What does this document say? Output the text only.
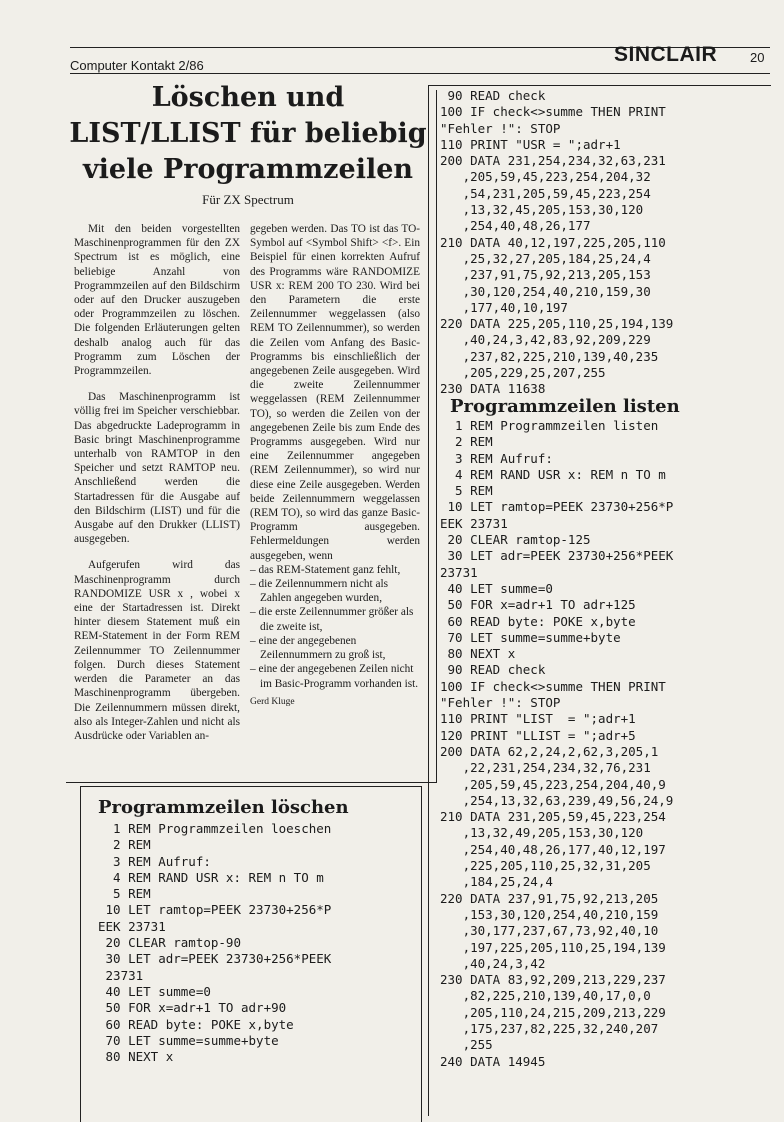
Computer Kontakt 2/86	SINCLAIR	20
Löschen und
LIST/LLIST für beliebig
viele Programmzeilen
Für ZX Spectrum

Mit den beiden vorgestellten Maschinenprogrammen für den ZX Spectrum ist es möglich, eine beliebige Anzahl von Programmzeilen auf den Bildschirm oder auf den Drucker auszugeben oder Programmzeilen zu löschen. Die folgenden Erläuterungen gelten deshalb analog auch für das Programm zum Löschen der Programmzeilen.

Das Maschinenprogramm ist völlig frei im Speicher verschiebbar. Das abgedruckte Ladeprogramm in Basic bringt Maschinenprogramme unterhalb von RAMTOP in den Speicher und setzt RAMTOP neu. Anschließend werden die Startadressen für die Ausgabe auf den Bildschirm (LIST) und für die Ausgabe auf den Drukker (LLIST) ausgegeben.

Aufgerufen wird das Maschinenprogramm durch RANDOMIZE USR x , wobei x eine der Startadressen ist. Direkt hinter diesem Statement muß ein REM-Statement in der Form REM Zeilennummer TO Zeilennummer folgen. Durch dieses Statement werden die Parameter an das Maschinenprogramm übergeben. Die Zeilennummern müssen direkt, also als Integer-Zahlen und nicht als Ausdrücke oder Variablen an-

gegeben werden. Das TO ist das TO-Symbol auf <Symbol Shift> <f>. Ein Beispiel für einen korrekten Aufruf des Programms wäre RANDOMIZE USR x: REM 200 TO 230. Wird bei den Parametern die erste Zeilennummer weggelassen (also REM TO Zeilennummer), so werden die Zeilen vom Anfang des Basic-Programms bis einschließlich der angegebenen Zeile ausgegeben. Wird die zweite Zeilennummer weggelassen (REM Zeilennummer TO), so werden die Zeilen von der angegebenen Zeile bis zum Ende des Programms ausgegeben. Wird nur eine Zeilennummer angegeben (REM Zeilennummer), so wird nur diese eine Zeile ausgegeben. Werden beide Zeilennummern weggelassen (REM TO), so wird das ganze Basic-Programm ausgegeben. Fehlermeldungen werden ausgegeben, wenn

– das REM-Statement ganz fehlt,
– die Zeilennummern nicht als Zahlen angegeben wurden,
– die erste Zeilennummer größer als die zweite ist,
– eine der angegebenen Zeilennummern zu groß ist,
– eine der angegebenen Zeilen nicht im Basic-Programm vorhanden ist.
Gerd Kluge
Programmzeilen löschen
1 REM Programmzeilen loeschen
2 REM
3 REM Aufruf:
4 REM RAND USR x: REM n TO m
5 REM
10 LET ramtop=PEEK 23730+256*P
EEK 23731
20 CLEAR ramtop-90
30 LET adr=PEEK 23730+256*PEEK
23731
40 LET summe=0
50 FOR x=adr+1 TO adr+90
60 READ byte: POKE x,byte
70 LET summe=summe+byte
80 NEXT x
90 READ check
100 IF check<>summe THEN PRINT
"Fehler !": STOP
110 PRINT "USR = ";adr+1
200 DATA 231,254,234,32,63,231
,205,59,45,223,254,204,32
,54,231,205,59,45,223,254
,13,32,45,205,153,30,120
,254,40,48,26,177
210 DATA 40,12,197,225,205,110
,25,32,27,205,184,25,24,4
,237,91,75,92,213,205,153
,30,120,254,40,210,159,30
,177,40,10,197
220 DATA 225,205,110,25,194,139
,40,24,3,42,83,92,209,229
,237,82,225,210,139,40,235
,205,229,25,207,255
230 DATA 11638
Programmzeilen listen
1 REM Programmzeilen listen
2 REM
3 REM Aufruf:
4 REM RAND USR x: REM n TO m
5 REM
10 LET ramtop=PEEK 23730+256*P
EEK 23731
20 CLEAR ramtop-125
30 LET adr=PEEK 23730+256*PEEK
23731
40 LET summe=0
50 FOR x=adr+1 TO adr+125
60 READ byte: POKE x,byte
70 LET summe=summe+byte
80 NEXT x
90 READ check
100 IF check<>summe THEN PRINT
"Fehler !": STOP
110 PRINT "LIST  = ";adr+1
120 PRINT "LLIST = ";adr+5
200 DATA 62,2,24,2,62,3,205,1
,22,231,254,234,32,76,231
,205,59,45,223,254,204,40,9
,254,13,32,63,239,49,56,24,9
210 DATA 231,205,59,45,223,254
,13,32,49,205,153,30,120
,254,40,48,26,177,40,12,197
,225,205,110,25,32,31,205
,184,25,24,4
220 DATA 237,91,75,92,213,205
,153,30,120,254,40,210,159
,30,177,237,67,73,92,40,10
,197,225,205,110,25,194,139
,40,24,3,42
230 DATA 83,92,209,213,229,237
,82,225,210,139,40,17,0,0
,205,110,24,215,209,213,229
,175,237,82,225,32,240,207
,255
240 DATA 14945
